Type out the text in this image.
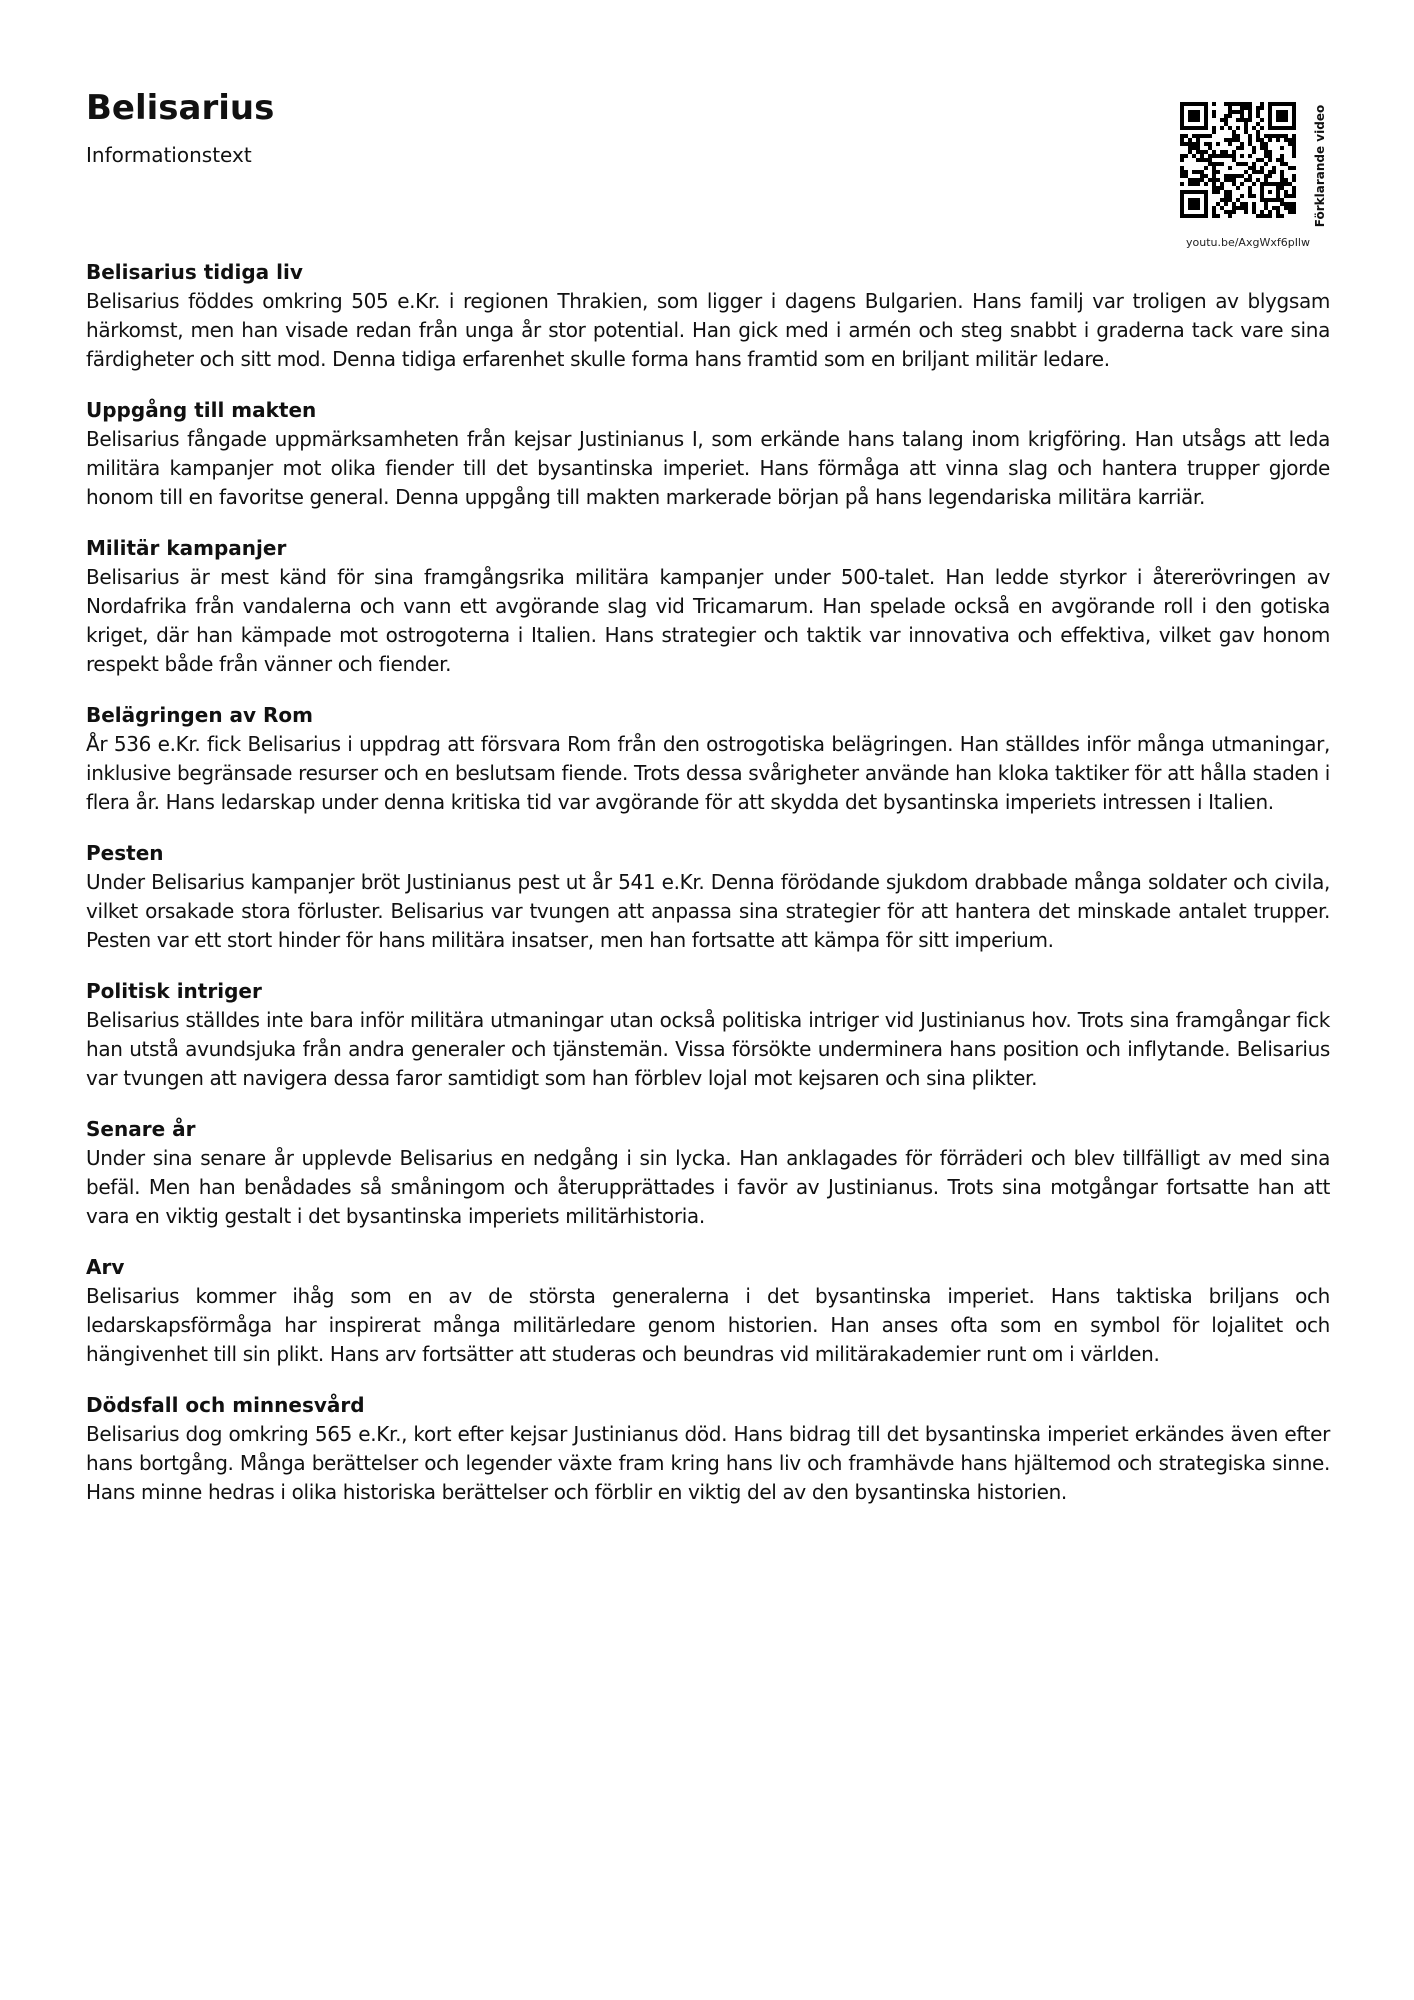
Belisarius
Informationstext
youtu.be/AxgWxf6pIlw
Förklarande video
Belisarius tidiga liv

Belisarius föddes omkring 505 e.Kr. i regionen Thrakien, som ligger i dagens Bulgarien. Hans familj var troligen av blygsam härkomst, men han visade redan från unga år stor potential. Han gick med i armén och steg snabbt i graderna tack vare sina färdigheter och sitt mod. Denna tidiga erfarenhet skulle forma hans framtid som en briljant militär ledare.

Uppgång till makten

Belisarius fångade uppmärksamheten från kejsar Justinianus I, som erkände hans talang inom krigföring. Han utsågs att leda militära kampanjer mot olika fiender till det bysantinska imperiet. Hans förmåga att vinna slag och hantera trupper gjorde honom till en favoritse general. Denna uppgång till makten markerade början på hans legendariska militära karriär.

Militär kampanjer

Belisarius är mest känd för sina framgångsrika militära kampanjer under 500-talet. Han ledde styrkor i återerövringen av Nordafrika från vandalerna och vann ett avgörande slag vid Tricamarum. Han spelade också en avgörande roll i den gotiska kriget, där han kämpade mot ostrogoterna i Italien. Hans strategier och taktik var innovativa och effektiva, vilket gav honom respekt både från vänner och fiender.

Belägringen av Rom

År 536 e.Kr. fick Belisarius i uppdrag att försvara Rom från den ostrogotiska belägringen. Han ställdes inför många utmaningar, inklusive begränsade resurser och en beslutsam fiende. Trots dessa svårigheter använde han kloka taktiker för att hålla staden i flera år. Hans ledarskap under denna kritiska tid var avgörande för att skydda det bysantinska imperiets intressen i Italien.

Pesten

Under Belisarius kampanjer bröt Justinianus pest ut år 541 e.Kr. Denna förödande sjukdom drabbade många soldater och civila, vilket orsakade stora förluster. Belisarius var tvungen att anpassa sina strategier för att hantera det minskade antalet trupper. Pesten var ett stort hinder för hans militära insatser, men han fortsatte att kämpa för sitt imperium.

Politisk intriger

Belisarius ställdes inte bara inför militära utmaningar utan också politiska intriger vid Justinianus hov. Trots sina framgångar fick han utstå avundsjuka från andra generaler och tjänstemän. Vissa försökte underminera hans position och inflytande. Belisarius var tvungen att navigera dessa faror samtidigt som han förblev lojal mot kejsaren och sina plikter.

Senare år

Under sina senare år upplevde Belisarius en nedgång i sin lycka. Han anklagades för förräderi och blev tillfälligt av med sina befäl. Men han benådades så småningom och återupprättades i favör av Justinianus. Trots sina motgångar fortsatte han att vara en viktig gestalt i det bysantinska imperiets militärhistoria.

Arv

Belisarius kommer ihåg som en av de största generalerna i det bysantinska imperiet. Hans taktiska briljans och ledarskapsförmåga har inspirerat många militärledare genom historien. Han anses ofta som en symbol för lojalitet och hängivenhet till sin plikt. Hans arv fortsätter att studeras och beundras vid militärakademier runt om i världen.

Dödsfall och minnesvård

Belisarius dog omkring 565 e.Kr., kort efter kejsar Justinianus död. Hans bidrag till det bysantinska imperiet erkändes även efter hans bortgång. Många berättelser och legender växte fram kring hans liv och framhävde hans hjältemod och strategiska sinne. Hans minne hedras i olika historiska berättelser och förblir en viktig del av den bysantinska historien.
